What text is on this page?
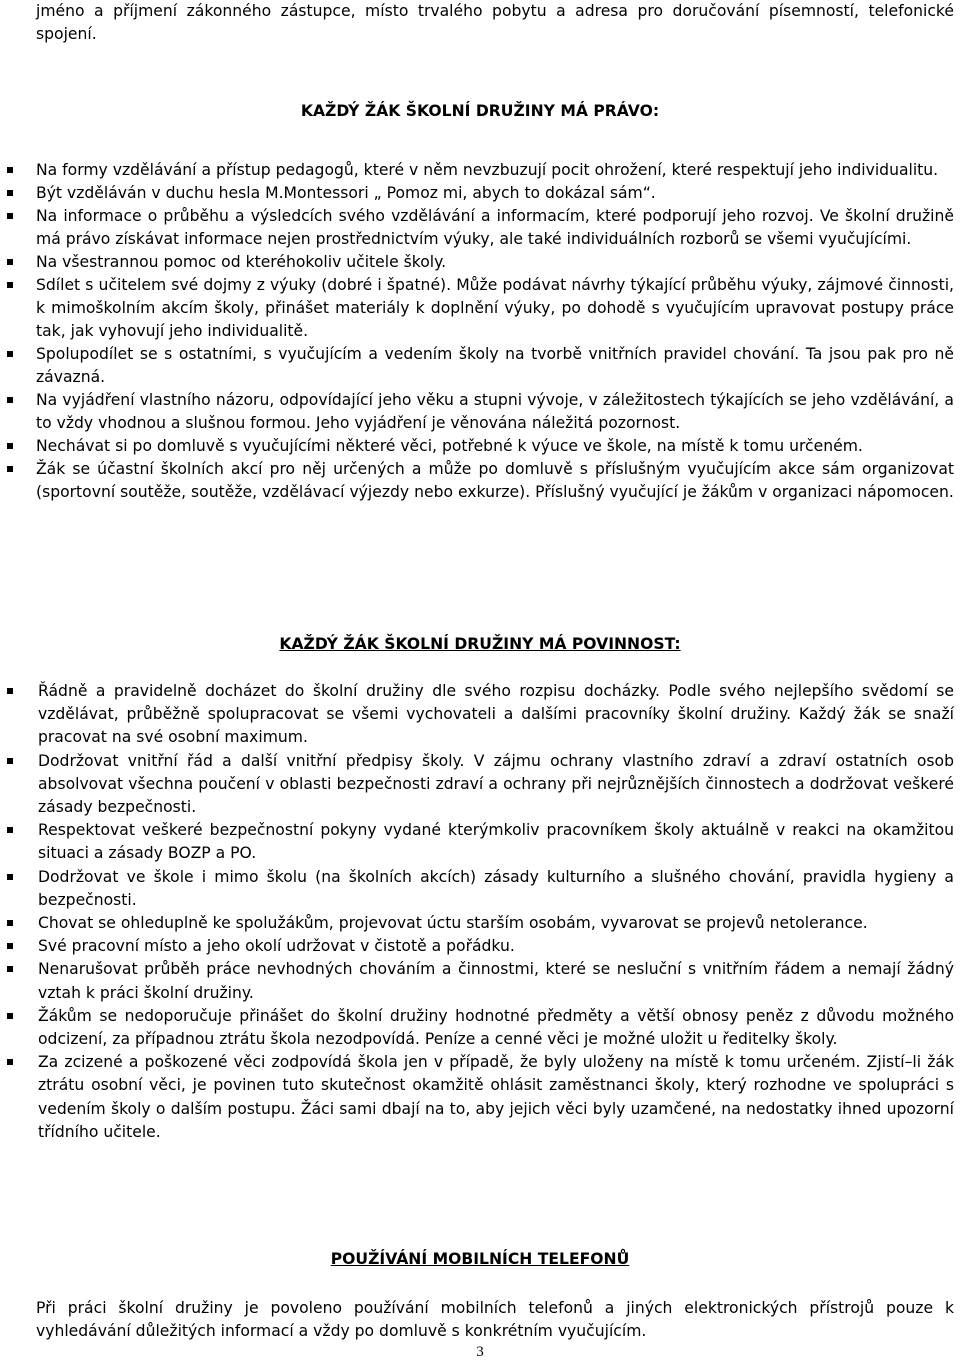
jméno a příjmení zákonného zástupce, místo trvalého pobytu a adresa pro doručování písemností, telefonické spojení.
KAŽDÝ ŽÁK ŠKOLNÍ DRUŽINY MÁ PRÁVO:
Na formy vzdělávání a přístup pedagogů, které v něm nevzbuzují pocit ohrožení, které respektují jeho individualitu.
Být vzděláván v duchu hesla M.Montessori „ Pomoz mi, abych to dokázal sám“.
Na informace o průběhu a výsledcích svého vzdělávání a informacím, které podporují jeho rozvoj. Ve školní družině má právo získávat informace nejen prostřednictvím výuky, ale také individuálních rozborů se všemi vyučujícími.
Na všestrannou pomoc od kteréhokoliv učitele školy.
Sdílet s učitelem své dojmy z výuky (dobré i špatné). Může podávat návrhy týkající průběhu výuky, zájmové činnosti, k mimoškolním akcím školy, přinášet materiály k doplnění výuky, po dohodě s vyučujícím upravovat postupy práce tak, jak vyhovují jeho individualitě.
Spolupodílet se s ostatními, s vyučujícím a vedením školy na tvorbě vnitřních pravidel chování. Ta jsou pak pro ně závazná.
Na vyjádření vlastního názoru, odpovídající jeho věku a stupni vývoje, v záležitostech týkajících se jeho vzdělávání, a to vždy vhodnou a slušnou formou. Jeho vyjádření je věnována náležitá pozornost.
Nechávat si po domluvě s vyučujícími některé věci, potřebné k výuce ve škole, na místě k tomu určeném.
Žák se účastní školních akcí pro něj určených a může po domluvě s příslušným vyučujícím akce sám organizovat (sportovní soutěže, soutěže, vzdělávací výjezdy nebo exkurze). Příslušný vyučující je žákům v organizaci nápomocen.
KAŽDÝ ŽÁK ŠKOLNÍ DRUŽINY MÁ POVINNOST:
Řádně a pravidelně docházet do školní družiny dle svého rozpisu docházky. Podle svého nejlepšího svědomí se vzdělávat, průběžně spolupracovat se všemi vychovateli a dalšími pracovníky školní družiny. Každý žák se snaží pracovat na své osobní maximum.
Dodržovat vnitřní řád a další vnitřní předpisy školy. V zájmu ochrany vlastního zdraví a zdraví ostatních osob absolvovat všechna poučení v oblasti bezpečnosti zdraví a ochrany při nejrůznějších činnostech a dodržovat veškeré zásady bezpečnosti.
Respektovat veškeré bezpečnostní pokyny vydané kterýmkoliv pracovníkem školy aktuálně v reakci na okamžitou situaci a zásady BOZP a PO.
Dodržovat ve škole i mimo školu (na školních akcích) zásady kulturního a slušného chování, pravidla hygieny a bezpečnosti.
Chovat se ohleduplně ke spolužákům, projevovat úctu starším osobám, vyvarovat se projevů netolerance.
Své pracovní místo a jeho okolí udržovat v čistotě a pořádku.
Nenarušovat průběh práce nevhodných chováním a činnostmi, které se nesluční s vnitřním řádem a nemají žádný vztah k práci školní družiny.
Žákům se nedoporučuje přinášet do školní družiny hodnotné předměty a větší obnosy peněz z důvodu možného odcizení, za případnou ztrátu škola nezodpovídá. Peníze a cenné věci je možné uložit u ředitelky školy.
Za zcizené a poškozené věci zodpovídá škola jen v případě, že byly uloženy na místě k tomu určeném. Zjistí–li žák ztrátu osobní věci, je povinen tuto skutečnost okamžitě ohlásit zaměstnanci školy, který rozhodne ve spolupráci s vedením školy o dalším postupu. Žáci sami dbají na to, aby jejich věci byly uzamčené, na nedostatky ihned upozorní třídního učitele.
POUŽÍVÁNÍ MOBILNÍCH TELEFONŮ
Při práci školní družiny je povoleno používání mobilních telefonů a jiných elektronických přístrojů pouze k vyhledávání důležitých informací a vždy po domluvě s konkrétním vyučujícím.
3
